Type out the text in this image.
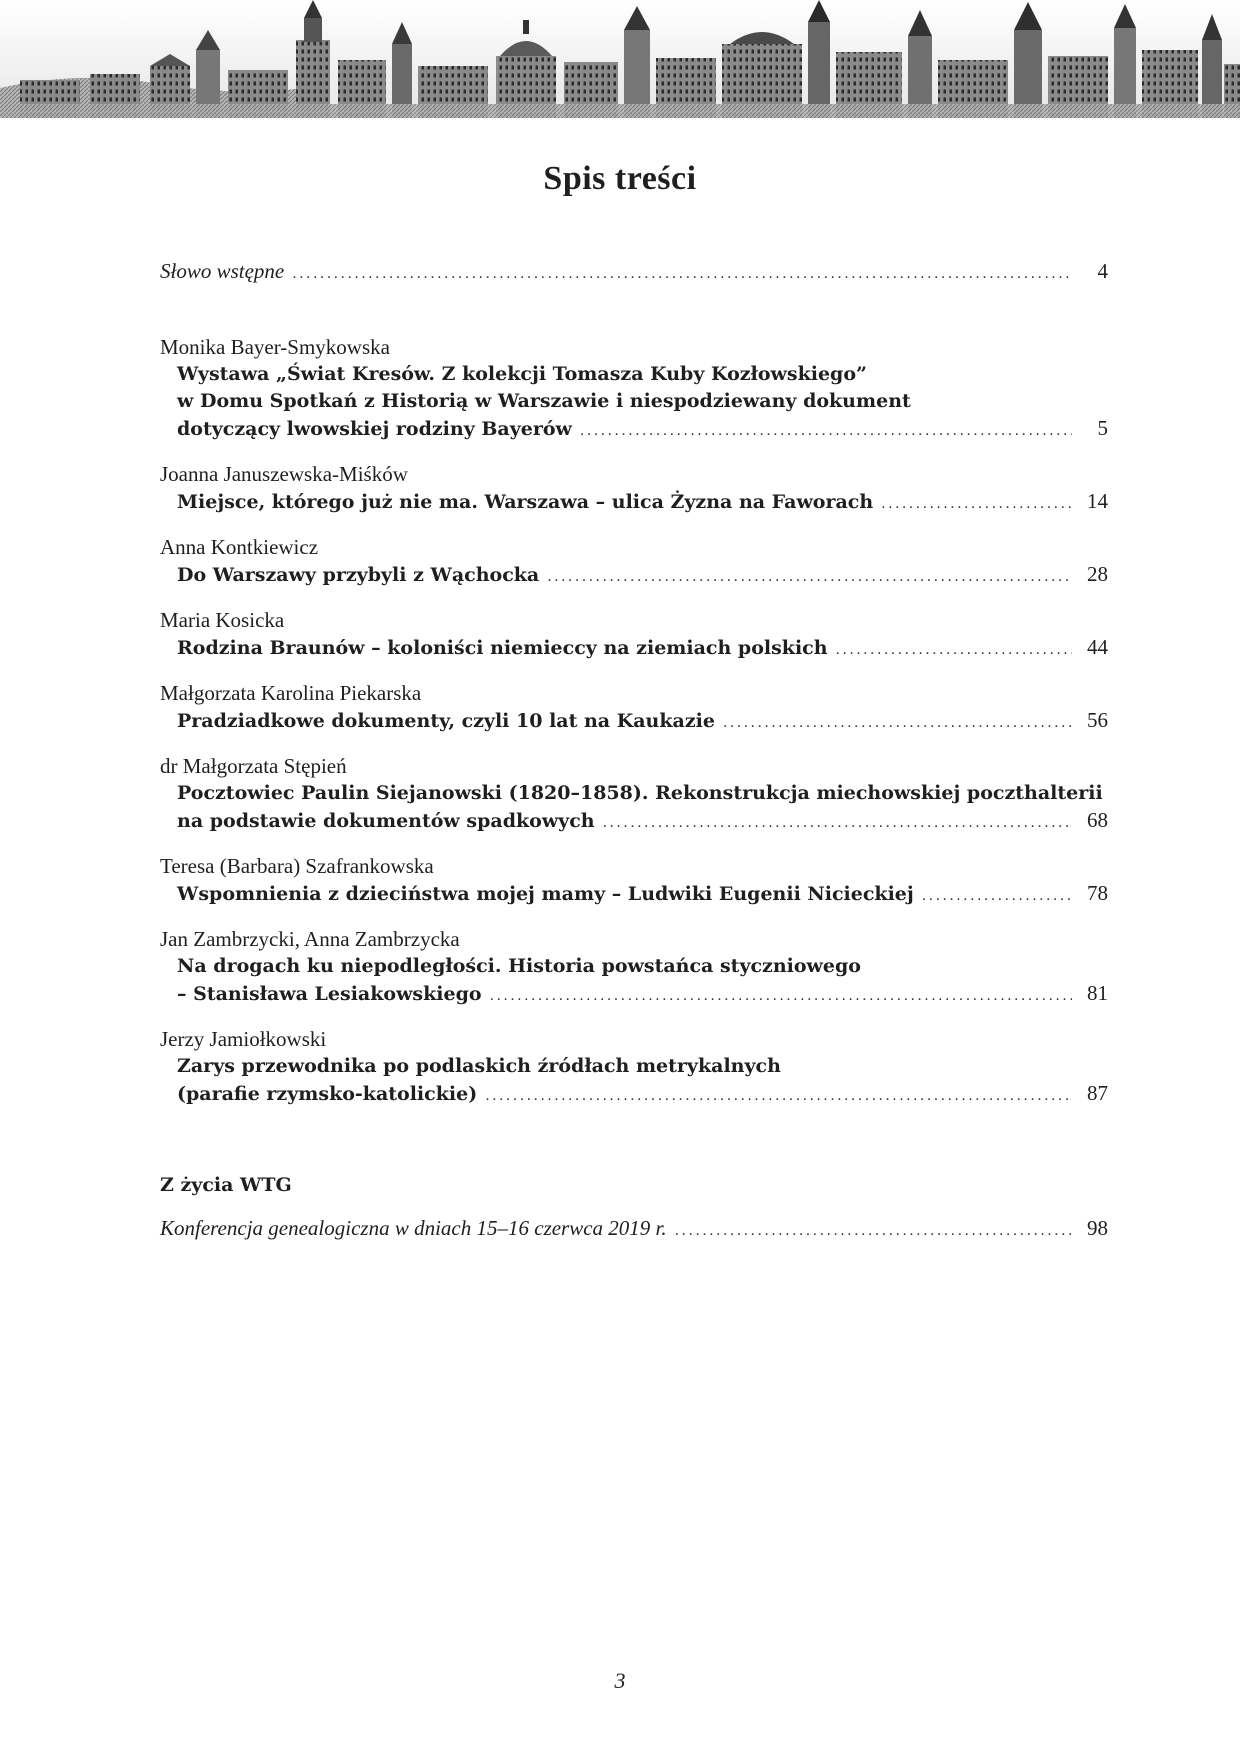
Spis treści
Słowo wstępne . . .	4
Monika Bayer-Smykowska
Wystawa „Świat Kresów. Z kolekcji Tomasza Kuby Kozłowskiego”
w Domu Spotkań z Historią w Warszawie i niespodziewany dokument
dotyczący lwowskiej rodziny Bayerów . . .	5
Joanna Januszewska-Miśków
Miejsce, którego już nie ma. Warszawa – ulica Żyzna na Faworach . . .	14
Anna Kontkiewicz
Do Warszawy przybyli z Wąchocka . . .	28
Maria Kosicka
Rodzina Braunów – koloniści niemieccy na ziemiach polskich . . .	44
Małgorzata Karolina Piekarska
Pradziadkowe dokumenty, czyli 10 lat na Kaukazie . . .	56
dr Małgorzata Stępień
Pocztowiec Paulin Siejanowski (1820–1858). Rekonstrukcja miechowskiej poczthalterii
na podstawie dokumentów spadkowych . . .	68
Teresa (Barbara) Szafrankowska
Wspomnienia z dzieciństwa mojej mamy – Ludwiki Eugenii Nicieckiej . . .	78
Jan Zambrzycki, Anna Zambrzycka
Na drogach ku niepodległości. Historia powstańca styczniowego
– Stanisława Lesiakowskiego . . .	81
Jerzy Jamiołkowski
Zarys przewodnika po podlaskich źródłach metrykalnych
(parafie rzymsko-katolickie) . . .	87
Z życia WTG
Konferencja genealogiczna w dniach 15–16 czerwca 2019 r. . . .	98
3
